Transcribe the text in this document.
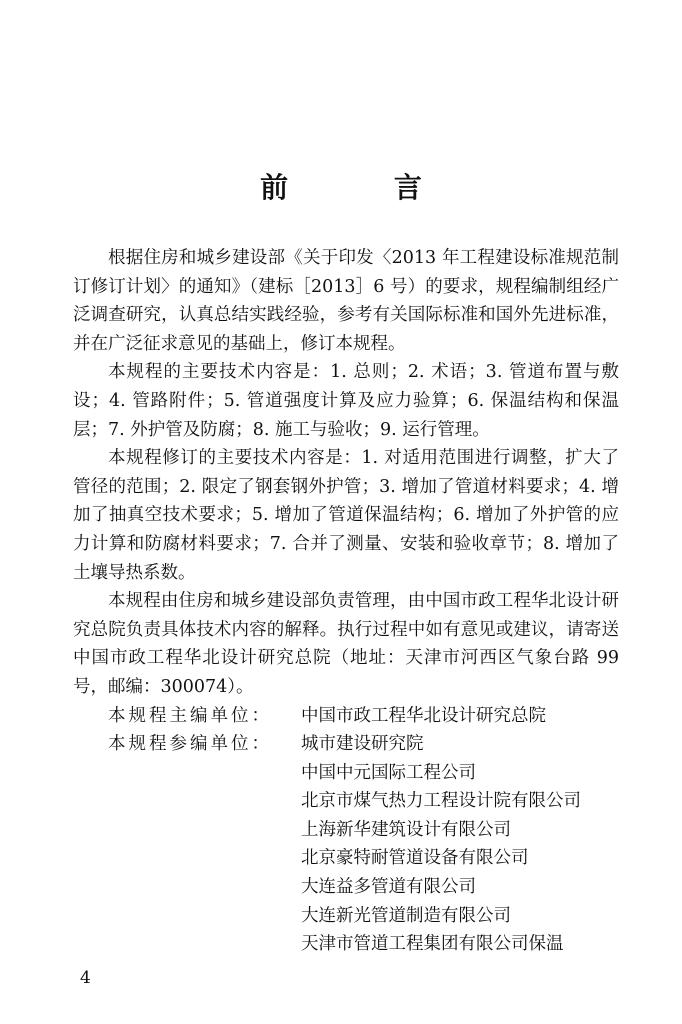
前 言

根据住房和城乡建设部《关于印发〈2013 年工程建设标准规范制订修订计划〉的通知》（建标［2013］6 号）的要求，规程编制组经广泛调查研究，认真总结实践经验，参考有关国际标准和国外先进标准，并在广泛征求意见的基础上，修订本规程。

本规程的主要技术内容是：1. 总则；2. 术语；3. 管道布置与敷设；4. 管路附件；5. 管道强度计算及应力验算；6. 保温结构和保温层；7. 外护管及防腐；8. 施工与验收；9. 运行管理。

本规程修订的主要技术内容是：1. 对适用范围进行调整，扩大了管径的范围；2. 限定了钢套钢外护管；3. 增加了管道材料要求；4. 增加了抽真空技术要求；5. 增加了管道保温结构；6. 增加了外护管的应力计算和防腐材料要求；7. 合并了测量、安装和验收章节；8. 增加了土壤导热系数。

本规程由住房和城乡建设部负责管理，由中国市政工程华北设计研究总院负责具体技术内容的解释。执行过程中如有意见或建议，请寄送中国市政工程华北设计研究总院（地址：天津市河西区气象台路 99 号，邮编：300074）。

本规程主编单位：	中国市政工程华北设计研究总院
本规程参编单位：	城市建设研究院
中国中元国际工程公司
北京市煤气热力工程设计院有限公司
上海新华建筑设计有限公司
北京豪特耐管道设备有限公司
大连益多管道有限公司
大连新光管道制造有限公司
天津市管道工程集团有限公司保温
4
